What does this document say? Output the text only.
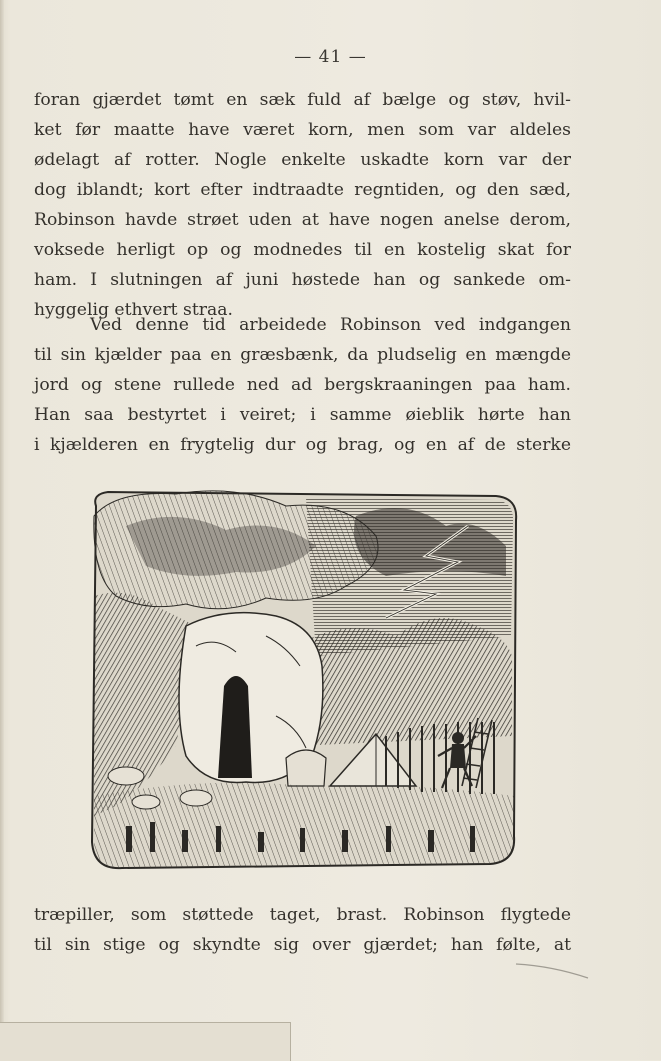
— 41 —
foran gjærdet tømt en sæk fuld af bælge og støv, hvil-
ket før maatte have været korn, men som var aldeles
ødelagt af rotter. Nogle enkelte uskadte korn var der
dog iblandt; kort efter indtraadte regntiden, og den sæd,
Robinson havde strøet uden at have nogen anelse derom,
voksede herligt op og modnedes til en kostelig skat for
ham. I slutningen af juni høstede han og sankede om-
hyggelig ethvert straa.
Ved denne tid arbeidede Robinson ved indgangen
til sin kjælder paa en græsbænk, da pludselig en mængde
jord og stene rullede ned ad bergskraaningen paa ham.
Han saa bestyrtet i veiret; i samme øieblik hørte han
i kjælderen en frygtelig dur og brag, og en af de sterke
træpiller, som støttede taget, brast. Robinson flygtede
til sin stige og skyndte sig over gjærdet; han følte, at
